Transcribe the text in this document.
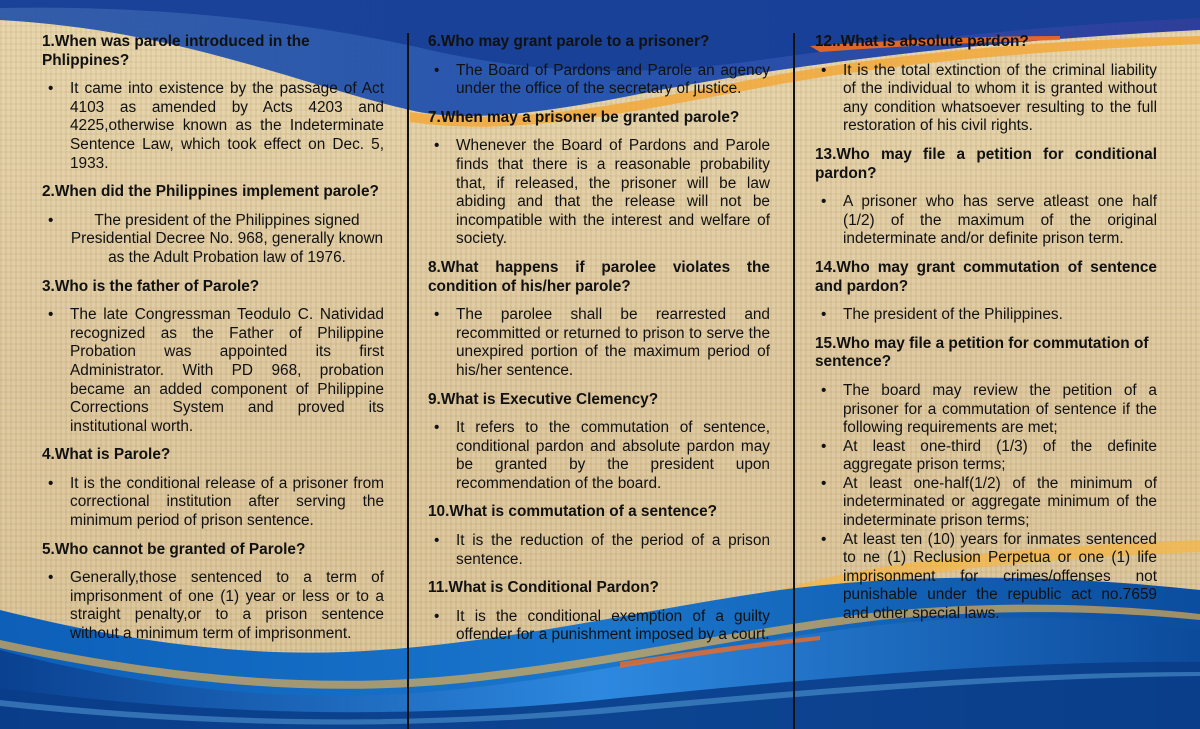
1.When was parole introduced in the Phlippines?
• It came into existence by the passage of Act 4103 as amended by Acts 4203 and 4225,otherwise known as the Indeterminate Sentence Law, which took effect on Dec. 5, 1933.
2.When did the Philippines implement parole?
• The president of the Philippines signed Presidential Decree No. 968, generally known as the Adult Probation law of 1976.
3.Who is the father of Parole?
• The late Congressman Teodulo C. Natividad recognized as the Father of Philippine Probation was appointed its first Administrator. With PD 968, probation became an added component of Philippine Corrections System and proved its institutional worth.
4.What is Parole?
• It is the conditional release of a prisoner from correctional institution after serving the minimum period of prison sentence.
5.Who cannot be granted of Parole?
• Generally,those sentenced to a term of imprisonment of one (1) year or less or to a straight penalty,or to a prison sentence without a minimum term of imprisonment.
6.Who may grant parole to a prisoner?
• The Board of Pardons and Parole an agency under the office of the secretary of justice.
7.When may a prisoner be granted parole?
• Whenever the Board of Pardons and Parole finds that there is a reasonable probability that, if released, the prisoner will be law abiding and that the release will not be incompatible with the interest and welfare of society.
8.What happens if parolee violates the condition of his/her parole?
• The parolee shall be rearrested and recommitted or returned to prison to serve the unexpired portion of the maximum period of his/her sentence.
9.What is Executive Clemency?
• It refers to the commutation of sentence, conditional pardon and absolute pardon may be granted by the president upon recommendation of the board.
10.What is commutation of a sentence?
• It is the reduction of the period of a prison sentence.
11.What is Conditional Pardon?
• It is the conditional exemption of a guilty offender for a punishment imposed by a court.
12..What is absolute pardon?
• It is the total extinction of the criminal liability of the individual to whom it is granted without any condition whatsoever resulting to the full restoration of his civil rights.
13.Who may file a petition for conditional pardon?
• A prisoner who has serve atleast one half (1/2) of the maximum of the original indeterminate and/or definite prison term.
14.Who may grant commutation of sentence and pardon?
• The president of the Philippines.
15.Who may file a petition for commutation of sentence?
• The board may review the petition of a prisoner for a commutation of sentence if the following requirements are met;
• At least one-third (1/3) of the definite aggregate prison terms;
• At least one-half(1/2) of the minimum of indeterminated or aggregate minimum of the indeterminate prison terms;
• At least ten (10) years for inmates sentenced to ne (1) Reclusion Perpetua or one (1) life imprisonment for crimes/offenses not punishable under the republic act no.7659 and other special laws.
